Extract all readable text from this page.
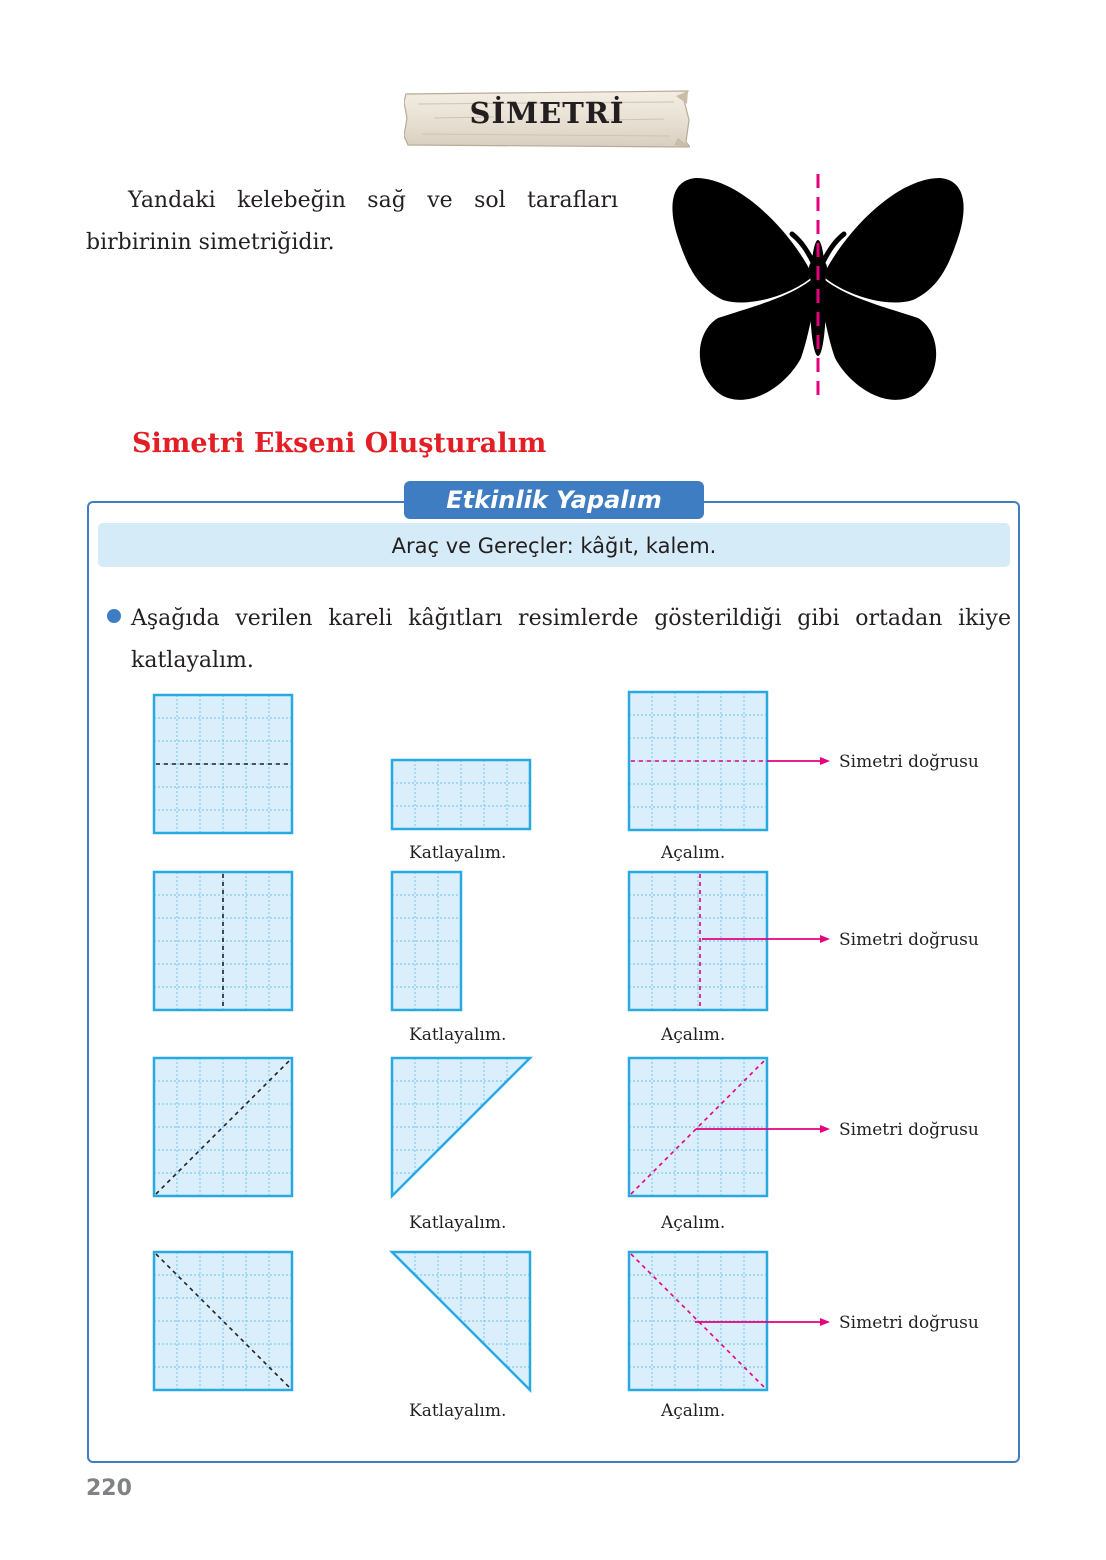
SİMETRİ
Yandaki kelebeğin sağ ve sol tarafları birbirinin simetriğidir.
Simetri Ekseni Oluşturalım
Etkinlik Yapalım
Araç ve Gereçler: kâğıt, kalem.
Aşağıda verilen kareli kâğıtları resimlerde gösterildiği gibi ortadan ikiye katlayalım.
Simetri doğrusu
Katlayalım.	Açalım.
Simetri doğrusu
Katlayalım.	Açalım.
Simetri doğrusu
Katlayalım.	Açalım.
Simetri doğrusu
Katlayalım.	Açalım.
220
